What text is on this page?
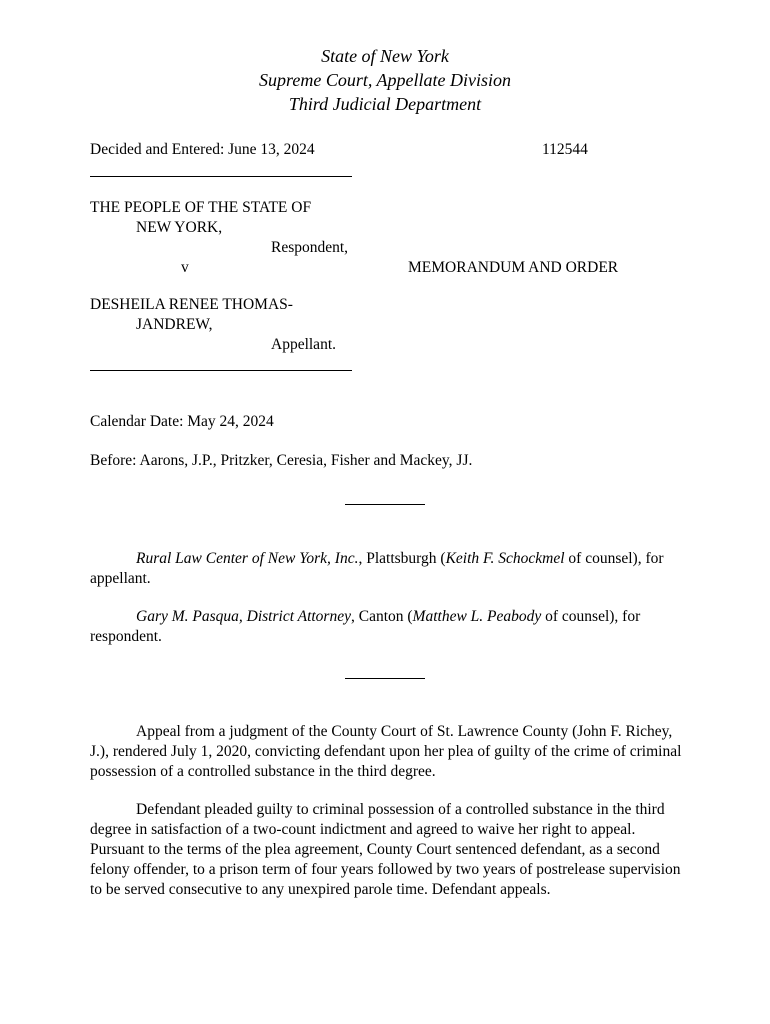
State of New York
Supreme Court, Appellate Division
Third Judicial Department
Decided and Entered: June 13, 2024	112544
THE PEOPLE OF THE STATE OF
NEW YORK,
Respondent,
v	MEMORANDUM AND ORDER
DESHEILA RENEE THOMAS-
JANDREW,
Appellant.
Calendar Date: May 24, 2024
Before: Aarons, J.P., Pritzker, Ceresia, Fisher and Mackey, JJ.
Rural Law Center of New York, Inc., Plattsburgh (Keith F. Schockmel of counsel), for appellant.
Gary M. Pasqua, District Attorney, Canton (Matthew L. Peabody of counsel), for respondent.
Appeal from a judgment of the County Court of St. Lawrence County (John F. Richey, J.), rendered July 1, 2020, convicting defendant upon her plea of guilty of the crime of criminal possession of a controlled substance in the third degree.
Defendant pleaded guilty to criminal possession of a controlled substance in the third degree in satisfaction of a two-count indictment and agreed to waive her right to appeal. Pursuant to the terms of the plea agreement, County Court sentenced defendant, as a second felony offender, to a prison term of four years followed by two years of postrelease supervision to be served consecutive to any unexpired parole time. Defendant appeals.
